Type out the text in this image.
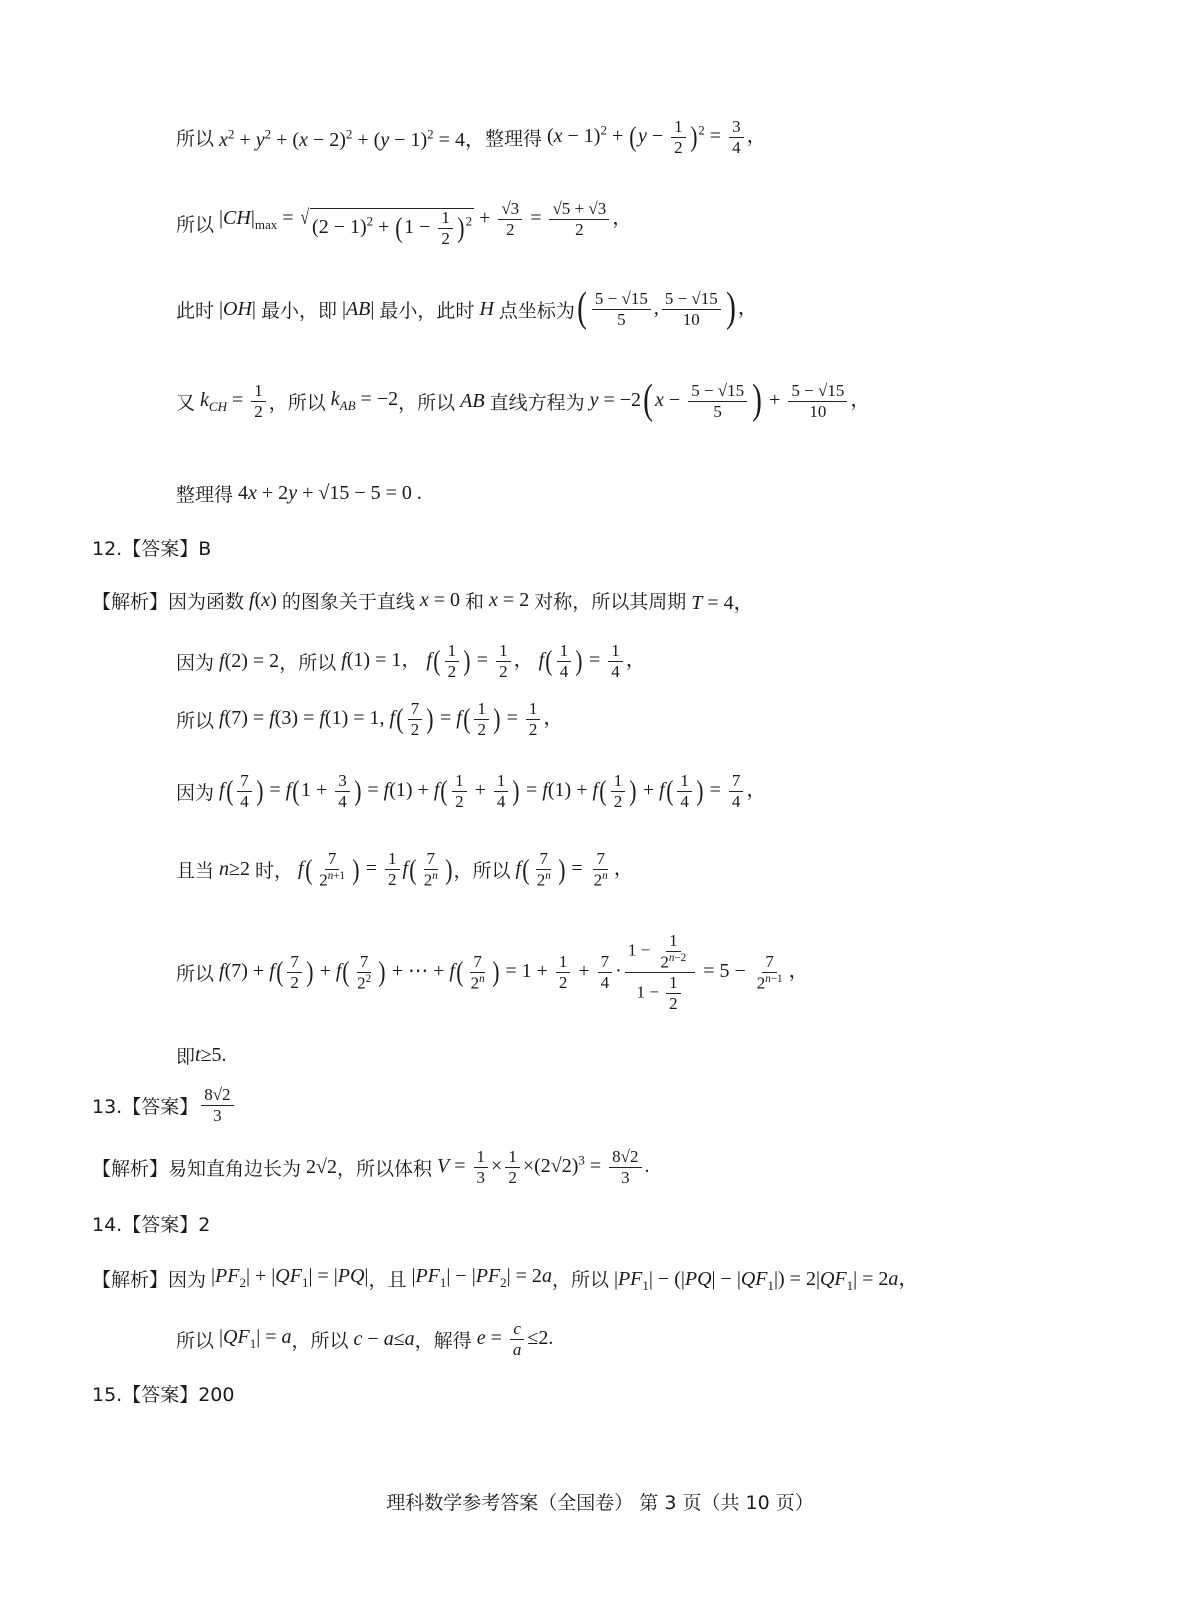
所以 $x^2 + y^2 + (x - 2)^2 + (y - 1)^2 = 4$， 整理得 $(x - 1)^2 + (y - \frac{1}{2} )^2 = \frac{3}{4}$ ，
所以 $|CH|_{max}$ = √ $(2 - 1)^2 + (1 - \frac{1}{2} )^2 + \frac{√3}{2} = \frac{√5 + √3}{2}$ ，
此时 |OH| 最小，即 |AB| 最小，此时 H 点坐标为 ( $\frac{5 - √15}{5}$ , $\frac{5 - √15}{10}$ ) ，
又 $k_{CH} = \frac{1}{2}$ ，所以 $k_{AB} = -2$ ，所以 AB 直线方程为 y = −2( $x - \frac{5 - √15}{5}$ ) + $\frac{5 - √15}{10}$ ，
整理得 4x + 2y + √15 − 5 = 0 .
12.【答案】B
【解析】 因为函数 f(x) 的图象关于直线 x = 0 和 x = 2 对称，所以其周期 T = 4，
因为 f(2) = 2 ，所以 f(1) = 1， $f( \frac{1}{2}$ ) = $\frac{1}{2}$ ， $f( \frac{1}{4}$ ) = $\frac{1}{4}$ ，
所以 f(7) = f(3) = f(1) = 1, $f( \frac{7}{2}$ ) = $f( \frac{1}{2}$ ) = $\frac{1}{2}$ ，
因为 $f( \frac{7}{4}$ ) = $f(1 + \frac{3}{4}$ ) = $f(1) + f( \frac{1}{2} + \frac{1}{4}$ ) = $f(1) + f( \frac{1}{2}$ ) + $f( \frac{1}{4}$ ) = $\frac{7}{4}$ ，
且当 n≥2 时， $f( \frac{7}{2^{n+1}}$ ) = $\frac{1}{2} f( \frac{7}{2^n}$ ) ，所以 $f( \frac{7}{2^n}$ ) = $\frac{7}{2^n}$ ，
所以 $f(7) + f( \frac{7}{2}$ ) + $f( \frac{7}{2^2}$ ) + ⋯ + $f( \frac{7}{2^n}$ ) = $1 + \frac{1}{2} + \frac{7}{4} \cdot \frac{1 - \frac{1}{2^{n-2}}}{1 - \frac{1}{2}} = 5 - \frac{7}{2^{n-1}}$ ，
即 t≥5.
13.【答案】 $\frac{8√2}{3}$
【解析】 易知直角边长为 2√2 ，所以体积 $V = \frac{1}{3} \times \frac{1}{2} \times(2√2)^3 = \frac{8√2}{3}$ .
14.【答案】2
【解析】 因为 $|PF_2| + |QF_1| = |PQ|$ ，且 $|PF_1| - |PF_2| = 2a$ ，所以 $|PF_1| - (|PQ| - |QF_1|) = 2|QF_1| = 2a$，
所以 $|QF_1| = a$ ，所以 c − a≤a ，解得 $e = \frac{c}{a} \le 2$.
15.【答案】200
理科数学参考答案（全国卷） 第 3 页（共 10 页）
